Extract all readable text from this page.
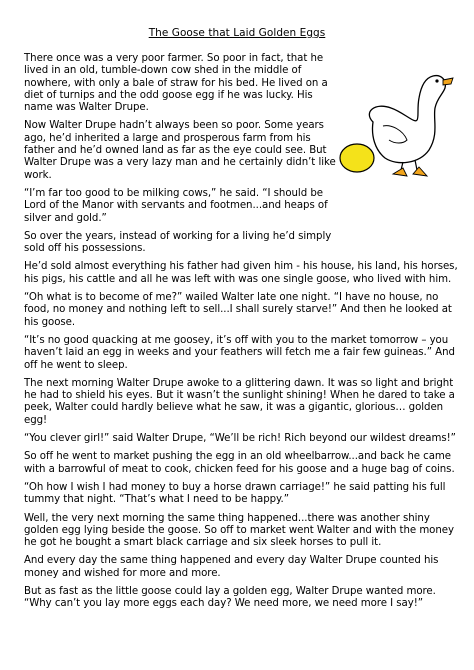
The Goose that Laid Golden Eggs

There once was a very poor farmer. So poor in fact, that he lived in an old, tumble-down cow shed in the middle of nowhere, with only a bale of straw for his bed. He lived on a diet of turnips and the odd goose egg if he was lucky. His name was Walter Drupe.

Now Walter Drupe hadn’t always been so poor. Some years ago, he’d inherited a large and prosperous farm from his father and he’d owned land as far as the eye could see. But Walter Drupe was a very lazy man and he certainly didn’t like work.

“I’m far too good to be milking cows,” he said. “I should be Lord of the Manor with servants and footmen...and heaps of silver and gold.”

So over the years, instead of working for a living he’d simply sold off his possessions.

He’d sold almost everything his father had given him - his house, his land, his horses, his pigs, his cattle and all he was left with was one single goose, who lived with him.

“Oh what is to become of me?” wailed Walter late one night. “I have no house, no food, no money and nothing left to sell...I shall surely starve!” And then he looked at his goose.

“It’s no good quacking at me goosey, it’s off with you to the market tomorrow – you haven’t laid an egg in weeks and your feathers will fetch me a fair few guineas.” And off he went to sleep.

The next morning Walter Drupe awoke to a glittering dawn. It was so light and bright he had to shield his eyes. But it wasn’t the sunlight shining! When he dared to take a peek, Walter could hardly believe what he saw, it was a gigantic, glorious… golden egg!

“You clever girl!” said Walter Drupe, “We’ll be rich! Rich beyond our wildest dreams!”

So off he went to market pushing the egg in an old wheelbarrow...and back he came with a barrowful of meat to cook, chicken feed for his goose and a huge bag of coins.

“Oh how I wish I had money to buy a horse drawn carriage!” he said patting his full tummy that night. “That’s what I need to be happy.”

Well, the very next morning the same thing happened...there was another shiny golden egg lying beside the goose. So off to market went Walter and with the money he got he bought a smart black carriage and six sleek horses to pull it.

And every day the same thing happened and every day Walter Drupe counted his money and wished for more and more.

But as fast as the little goose could lay a golden egg, Walter Drupe wanted more. “Why can’t you lay more eggs each day? We need more, we need more I say!”
